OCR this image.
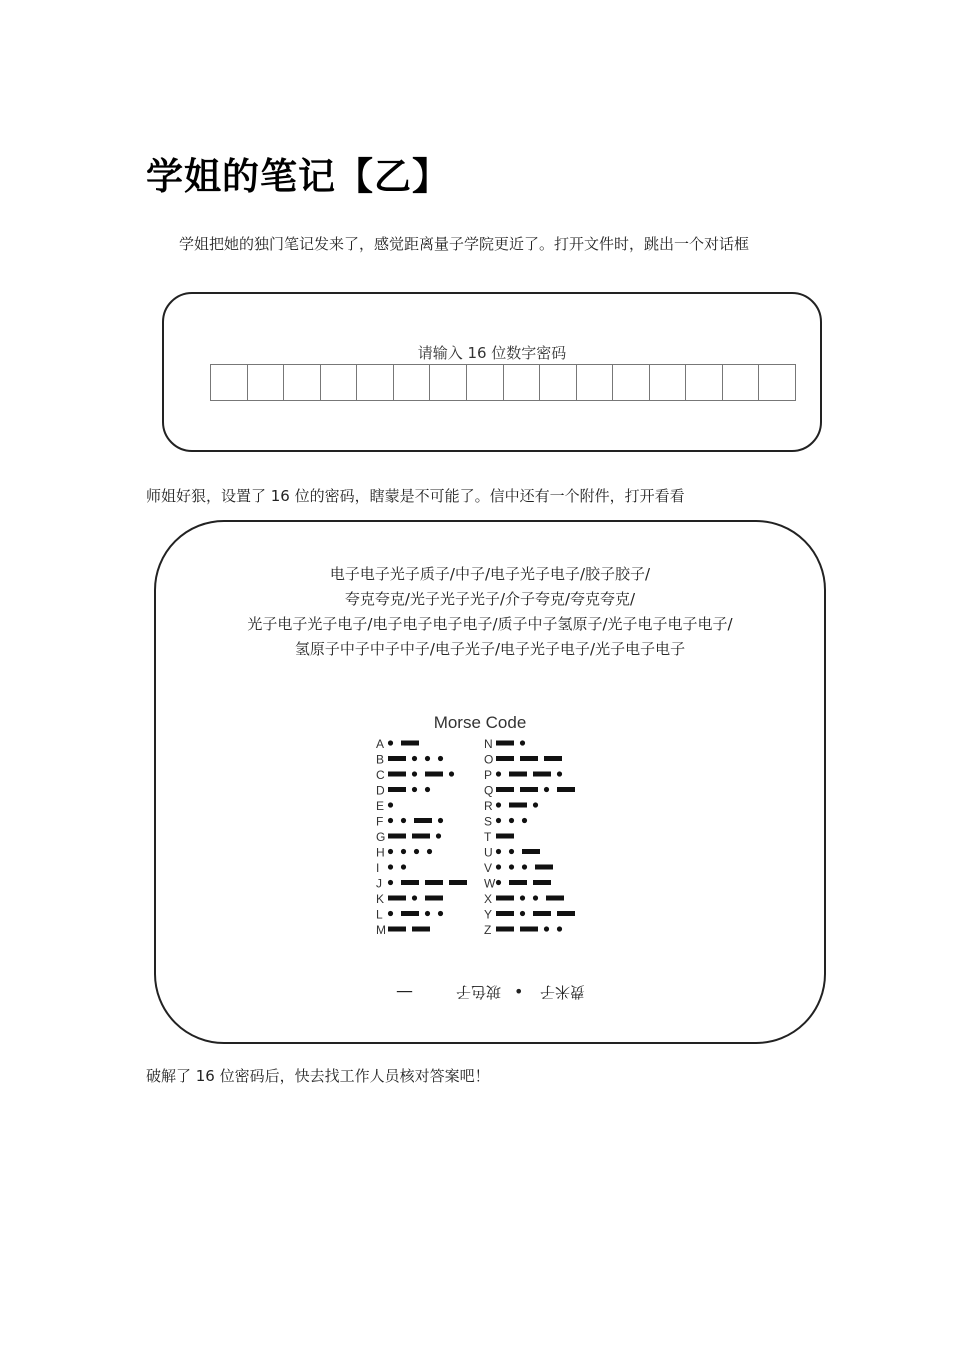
学姐的笔记【乙】
学姐把她的独门笔记发来了，感觉距离量子学院更近了。打开文件时，跳出一个对话框
请输入 16 位数字密码
师姐好狠，设置了 16 位的密码，瞎蒙是不可能了。信中还有一个附件，打开看看
电子电子光子质子/中子/电子光子电子/胶子胶子/
夸克夸克/光子光子光子/介子夸克/夸克夸克/
光子电子光子电子/电子电子电子电子/质子中子氢原子/光子电子电子电子/
氢原子中子中子中子/电子光子/电子光子电子/光子电子电子
Morse Code
A
B
C
D
E
F
G
H
I
J
K
L
M
N
O
P
Q
R
S
T
U
V
W
X
Y
Z
—	玻色子 • 费米子
破解了 16 位密码后，快去找工作人员核对答案吧！
